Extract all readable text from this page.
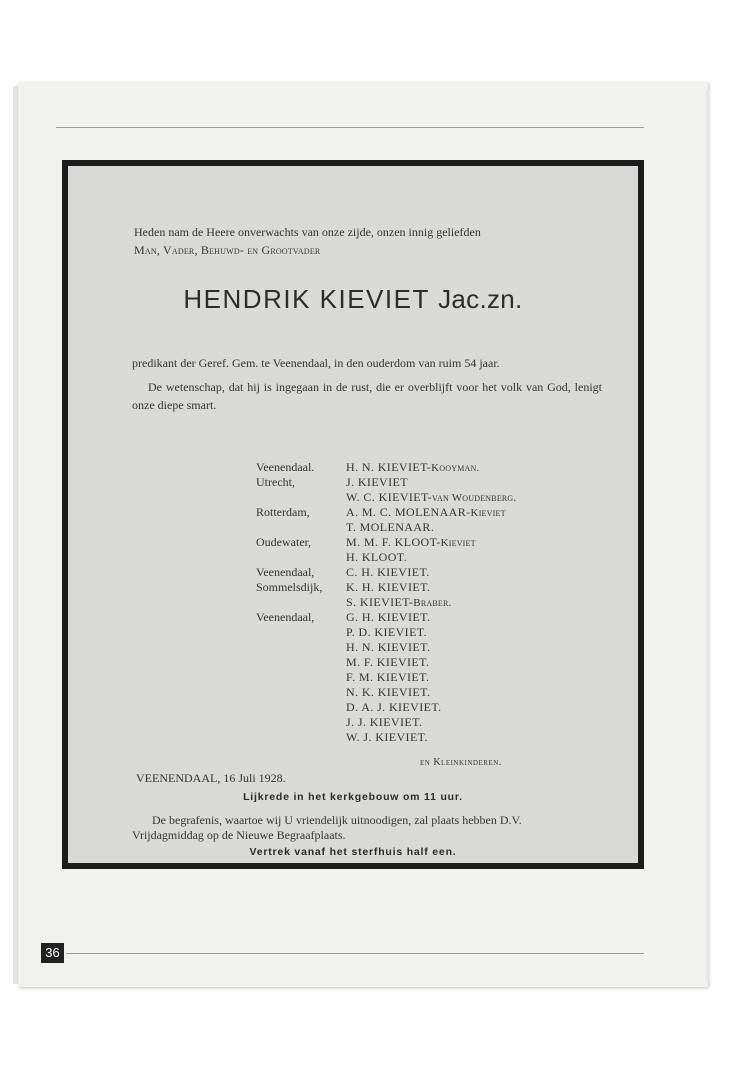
Heden nam de Heere onverwachts van onze zijde, onzen innig geliefden
Man, Vader, Behuwd- en Grootvader
HENDRIK KIEVIET Jac.zn.
predikant der Geref. Gem. te Veenendaal, in den ouderdom van ruim 54 jaar.
De wetenschap, dat hij is ingegaan in de rust, die er overblijft voor het volk van God, lenigt onze diepe smart.
Veenendaal.	H. N. KIEVIET-Kooyman.
Utrecht,	J. KIEVIET
W. C. KIEVIET-van Woudenberg.
Rotterdam,	A. M. C. MOLENAAR-Kieviet
T. MOLENAAR.
Oudewater,	M. M. F. KLOOT-Kieviet
H. KLOOT.
Veenendaal,	C. H. KIEVIET.
Sommelsdijk,	K. H. KIEVIET.
S. KIEVIET-Braber.
Veenendaal,	G. H. KIEVIET.
P. D. KIEVIET.
H. N. KIEVIET.
M. F. KIEVIET.
F. M. KIEVIET.
N. K. KIEVIET.
D. A. J. KIEVIET.
J. J. KIEVIET.
W. J. KIEVIET.
en Kleinkinderen.
VEENENDAAL, 16 Juli 1928.
Lijkrede in het kerkgebouw om 11 uur.
De begrafenis, waartoe wij U vriendelijk uitnoodigen, zal plaats hebben D.V.
Vrijdagmiddag op de Nieuwe Begraafplaats.
Vertrek vanaf het sterfhuis half een.
36
